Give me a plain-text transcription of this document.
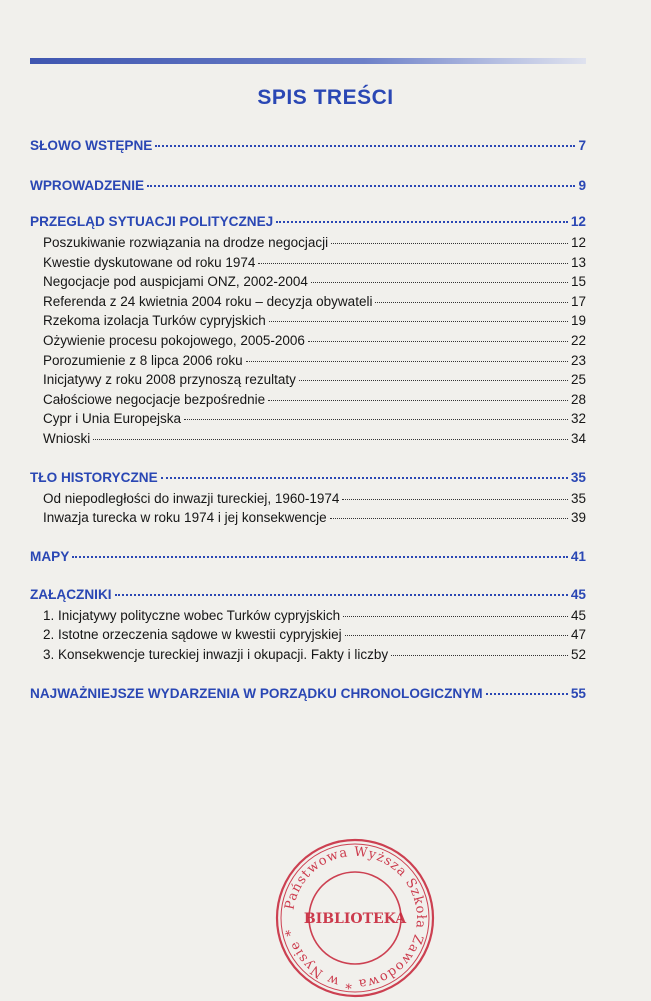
SPIS TREŚCI
SŁOWO WSTĘPNE	7
WPROWADZENIE	9
PRZEGLĄD SYTUACJI POLITYCZNEJ	12
Poszukiwanie rozwiązania na drodze negocjacji	12
Kwestie dyskutowane od roku 1974	13
Negocjacje pod auspicjami ONZ, 2002-2004	15
Referenda z 24 kwietnia 2004 roku – decyzja obywateli	17
Rzekoma izolacja Turków cypryjskich	19
Ożywienie procesu pokojowego, 2005-2006	22
Porozumienie z 8 lipca 2006 roku	23
Inicjatywy z roku 2008 przynoszą rezultaty	25
Całościowe negocjacje bezpośrednie	28
Cypr i Unia Europejska	32
Wnioski	34
TŁO HISTORYCZNE	35
Od niepodległości do inwazji tureckiej, 1960-1974	35
Inwazja turecka w roku 1974 i jej konsekwencje	39
MAPY	41
ZAŁĄCZNIKI	45
1. Inicjatywy polityczne wobec Turków cypryjskich	45
2. Istotne orzeczenia sądowe w kwestii cypryjskiej	47
3. Konsekwencje tureckiej inwazji i okupacji. Fakty i liczby	52
NAJWAŻNIEJSZE WYDARZENIA W PORZĄDKU CHRONOLOGICZNYM	55
Państwowa Wyższa Szkoła Zawodowa * w Nysie *
BIBLIOTEKA
